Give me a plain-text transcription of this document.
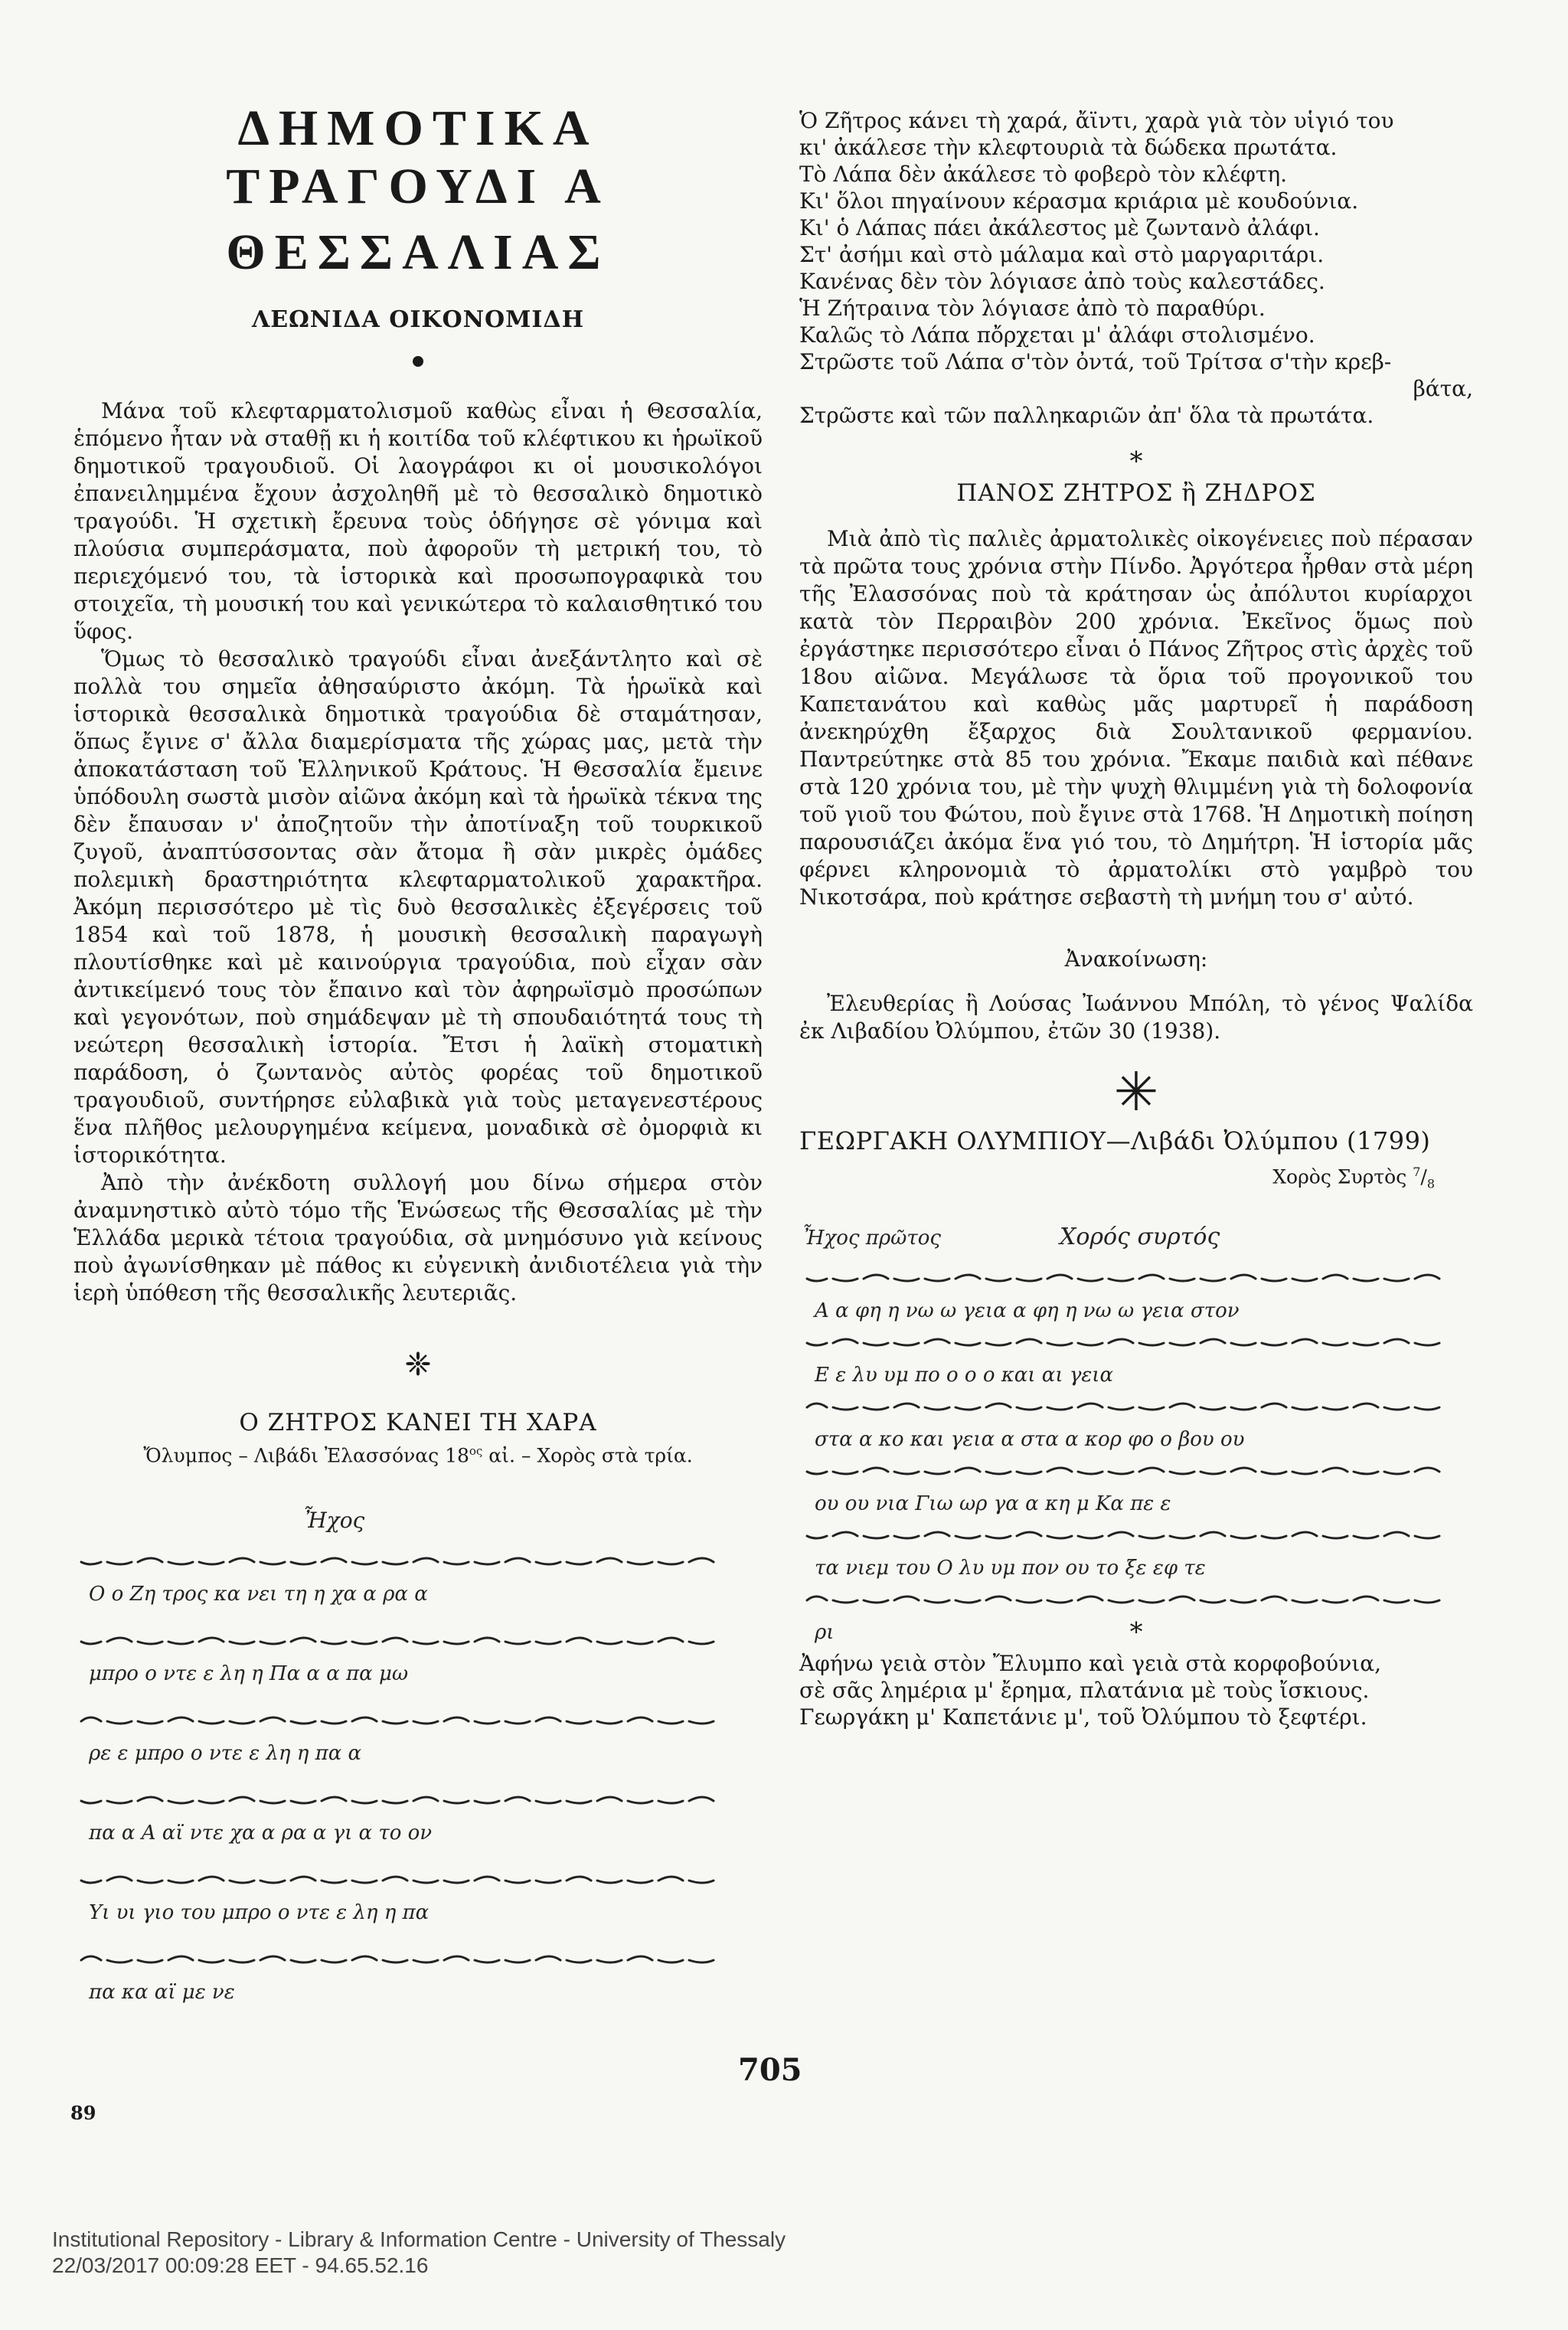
ΔΗΜΟΤΙΚΑ ΤΡΑΓΟΥΔΙ Α
ΘΕΣΣΑΛΙΑΣ

ΛΕΩΝΙΔΑ ΟΙΚΟΝΟΜΙΔΗ

Μάνα τοῦ κλεφταρματολισμοῦ καθὼς εἶναι ἡ Θεσσαλία, ἑπόμενο ἦταν νὰ σταθῇ κι ἡ κοιτίδα τοῦ κλέφτικου κι ἡρωϊκοῦ δημοτικοῦ τραγουδιοῦ. Οἱ λαογράφοι κι οἱ μουσικολόγοι ἐπανειλημμένα ἔχουν ἀσχοληθῆ μὲ τὸ θεσσαλικὸ δημοτικὸ τραγούδι. Ἡ σχετικὴ ἔρευνα τοὺς ὁδήγησε σὲ γόνιμα καὶ πλούσια συμπεράσματα, ποὺ ἀφοροῦν τὴ μετρική του, τὸ περιεχόμενό του, τὰ ἱστορικὰ καὶ προσωπογραφικὰ του στοιχεῖα, τὴ μουσική του καὶ γενικώτερα τὸ καλαισθητικό του ὕφος.

Ὅμως τὸ θεσσαλικὸ τραγούδι εἶναι ἀνεξάντλητο καὶ σὲ πολλὰ του σημεῖα ἀθησαύριστο ἀκόμη. Τὰ ἡρωϊκὰ καὶ ἱστορικὰ θεσσαλικὰ δημοτικὰ τραγούδια δὲ σταμάτησαν, ὅπως ἔγινε σ' ἄλλα διαμερίσματα τῆς χώρας μας, μετὰ τὴν ἀποκατάσταση τοῦ Ἑλληνικοῦ Κράτους. Ἡ Θεσσαλία ἔμεινε ὑπόδουλη σωστὰ μισὸν αἰῶνα ἀκόμη καὶ τὰ ἡρωϊκὰ τέκνα της δὲν ἔπαυσαν ν' ἀποζητοῦν τὴν ἀποτίναξη τοῦ τουρκικοῦ ζυγοῦ, ἀναπτύσσοντας σὰν ἄτομα ἢ σὰν μικρὲς ὁμάδες πολεμικὴ δραστηριότητα κλεφταρματολικοῦ χαρακτῆρα. Ἀκόμη περισσότερο μὲ τὶς δυὸ θεσσαλικὲς ἐξεγέρσεις τοῦ 1854 καὶ τοῦ 1878, ἡ μουσικὴ θεσσαλικὴ παραγωγὴ πλουτίσθηκε καὶ μὲ καινούργια τραγούδια, ποὺ εἶχαν σὰν ἀντικείμενό τους τὸν ἔπαινο καὶ τὸν ἀφηρωϊσμὸ προσώπων καὶ γεγονότων, ποὺ σημάδεψαν μὲ τὴ σπουδαιότητά τους τὴ νεώτερη θεσσαλικὴ ἱστορία. Ἔτσι ἡ λαϊκὴ στοματικὴ παράδοση, ὁ ζωντανὸς αὐτὸς φορέας τοῦ δημοτικοῦ τραγουδιοῦ, συντήρησε εὐλαβικὰ γιὰ τοὺς μεταγενεστέρους ἕνα πλῆθος μελουργημένα κείμενα, μοναδικὰ σὲ ὀμορφιὰ κι ἱστορικότητα.

Ἀπὸ τὴν ἀνέκδοτη συλλογή μου δίνω σήμερα στὸν ἀναμνηστικὸ αὐτὸ τόμο τῆς Ἑνώσεως τῆς Θεσσαλίας μὲ τὴν Ἑλλάδα μερικὰ τέτοια τραγούδια, σὰ μνημόσυνο γιὰ κείνους ποὺ ἀγωνίσθηκαν μὲ πάθος κι εὐγενικὴ ἀνιδιοτέλεια γιὰ τὴν ἱερὴ ὑπόθεση τῆς θεσσαλικῆς λευτεριᾶς.

❈

Ο ΖΗΤΡΟΣ ΚΑΝΕΙ ΤΗ ΧΑΡΑ

Ὄλυμπος – Λιβάδι Ἐλασσόνας $18^{o\varsigma}$ αἰ. – Χορὸς στὰ τρία.

Ἦχος
Ο ο Ζη τρος κα νει τη η χα α ρα α
μπρο ο ντε ε λη η Πα α α πα μω
ρε ε μπρο ο ντε ε λη η πα α
πα α Α αϊ ντε χα α ρα α γι α το ον
Υι υι γιο του μπρο ο ντε ε λη η πα
πα κα αϊ με νε

Ὁ Ζῆτρος κάνει τὴ χαρά, ἄϊντι, χαρὰ γιὰ τὸν υἱγιό του

κι' ἀκάλεσε τὴν κλεφτουριὰ τὰ δώδεκα πρωτάτα.

Τὸ Λάπα δὲν ἀκάλεσε τὸ φοβερὸ τὸν κλέφτη.

Κι' ὅλοι πηγαίνουν κέρασμα κριάρια μὲ κουδούνια.

Κι' ὁ Λάπας πάει ἀκάλεστος μὲ ζωντανὸ ἀλάφι.

Στ' ἀσήμι καὶ στὸ μάλαμα καὶ στὸ μαργαριτάρι.

Κανένας δὲν τὸν λόγιασε ἀπὸ τοὺς καλεστάδες.

Ἡ Ζήτραινα τὸν λόγιασε ἀπὸ τὸ παραθύρι.

Καλῶς τὸ Λάπα πὄρχεται μ' ἀλάφι στολισμένο.

Στρῶστε τοῦ Λάπα σ'τὸν ὀντά, τοῦ Τρίτσα σ'τὴν κρεβ-

βάτα,

Στρῶστε καὶ τῶν παλληκαριῶν ἀπ' ὅλα τὰ πρωτάτα.

∗

ΠΑΝΟΣ ΖΗΤΡΟΣ ἢ ΖΗΔΡΟΣ

Μιὰ ἀπὸ τὶς παλιὲς ἀρματολικὲς οἰκογένειες ποὺ πέρασαν τὰ πρῶτα τους χρόνια στὴν Πίνδο. Ἀργότερα ἦρθαν στὰ μέρη τῆς Ἐλασσόνας ποὺ τὰ κράτησαν ὡς ἀπόλυτοι κυρίαρχοι κατὰ τὸν Περραιβὸν 200 χρόνια. Ἐκεῖνος ὅμως ποὺ ἐργάστηκε περισσότερο εἶναι ὁ Πάνος Ζῆτρος στὶς ἀρχὲς τοῦ 18ου αἰῶνα. Μεγάλωσε τὰ ὅρια τοῦ προγονικοῦ του Καπετανάτου καὶ καθὼς μᾶς μαρτυρεῖ ἡ παράδοση ἀνεκηρύχθη ἔξαρχος διὰ Σουλτανικοῦ φερμανίου. Παντρεύτηκε στὰ 85 του χρόνια. Ἔκαμε παιδιὰ καὶ πέθανε στὰ 120 χρόνια του, μὲ τὴν ψυχὴ θλιμμένη γιὰ τὴ δολοφονία τοῦ γιοῦ του Φώτου, ποὺ ἔγινε στὰ 1768. Ἡ Δημοτικὴ ποίηση παρουσιάζει ἀκόμα ἕνα γιό του, τὸ Δημήτρη. Ἡ ἱστορία μᾶς φέρνει κληρονομιὰ τὸ ἀρματολίκι στὸ γαμβρὸ του Νικοτσάρα, ποὺ κράτησε σεβαστὴ τὴ μνήμη του σ' αὐτό.

Ἀνακοίνωση:

Ἐλευθερίας ἢ Λούσας Ἰωάννου Μπόλη, τὸ γένος Ψαλίδα ἐκ Λιβαδίου Ὀλύμπου, ἐτῶν 30 (1938).

✳

ΓΕΩΡΓΑΚΗ ΟΛΥΜΠΙΟΥ—Λιβάδι Ὀλύμπου (1799)

Χορὸς Συρτὸς $^7/_8$

Ἦχος πρῶτος	Χορός συρτός
Α α φη η νω ω γεια α φη η νω ω γεια στον
Ε ε λυ υμ πο ο ο ο και αι γεια
στα α κο και γεια α στα α κορ φο ο βου ου
ου ου νια Γιω ωρ γα α κη μ Κα πε ε
τα νιεμ του Ο λυ υμ πον ου το ξε εφ τε
ρι	∗

Ἀφήνω γειὰ στὸν Ἔλυμπο καὶ γειὰ στὰ κορφοβούνια,

σὲ σᾶς λημέρια μ' ἔρημα, πλατάνια μὲ τοὺς ἴσκιους.

Γεωργάκη μ' Καπετάνιε μ', τοῦ Ὀλύμπου τὸ ξεφτέρι.

705
89
Institutional Repository - Library & Information Centre - University of Thessaly
22/03/2017 00:09:28 EET - 94.65.52.16
